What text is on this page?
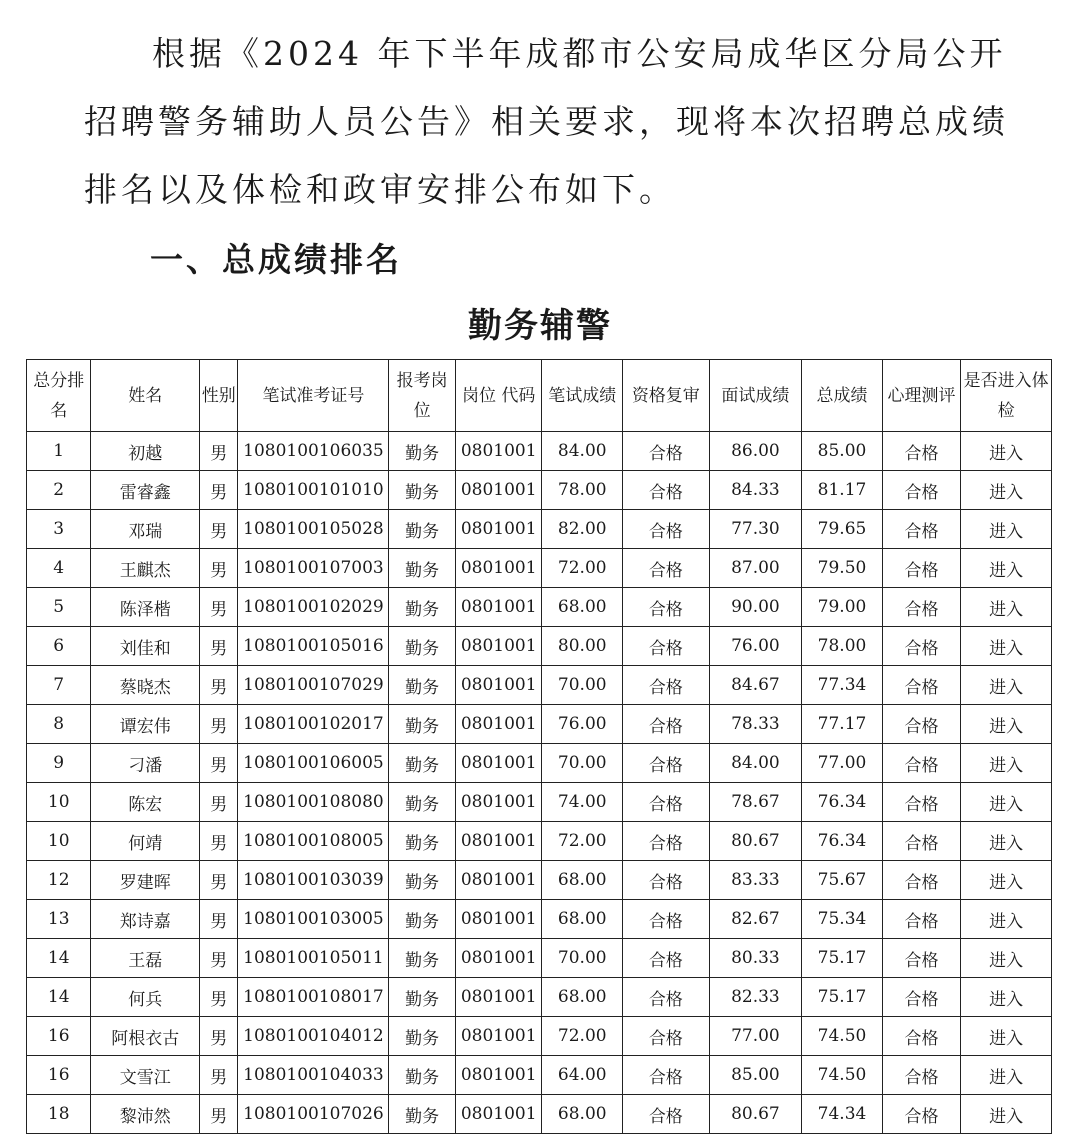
根据《2024 年下半年成都市公安局成华区分局公开招聘警务辅助人员公告》相关要求，现将本次招聘总成绩排名以及体检和政审安排公布如下。

一、总成绩排名
勤务辅警
总分排名	姓名	性别	笔试准考证号	报考岗位	岗位 代码	笔试成绩	资格复审	面试成绩	总成绩	心理测评	是否进入体检
1	初越	男	1080100106035	勤务	0801001	84.00	合格	86.00	85.00	合格	进入
2	雷睿鑫	男	1080100101010	勤务	0801001	78.00	合格	84.33	81.17	合格	进入
3	邓瑞	男	1080100105028	勤务	0801001	82.00	合格	77.30	79.65	合格	进入
4	王麒杰	男	1080100107003	勤务	0801001	72.00	合格	87.00	79.50	合格	进入
5	陈泽楷	男	1080100102029	勤务	0801001	68.00	合格	90.00	79.00	合格	进入
6	刘佳和	男	1080100105016	勤务	0801001	80.00	合格	76.00	78.00	合格	进入
7	蔡晓杰	男	1080100107029	勤务	0801001	70.00	合格	84.67	77.34	合格	进入
8	谭宏伟	男	1080100102017	勤务	0801001	76.00	合格	78.33	77.17	合格	进入
9	刁潘	男	1080100106005	勤务	0801001	70.00	合格	84.00	77.00	合格	进入
10	陈宏	男	1080100108080	勤务	0801001	74.00	合格	78.67	76.34	合格	进入
10	何靖	男	1080100108005	勤务	0801001	72.00	合格	80.67	76.34	合格	进入
12	罗建晖	男	1080100103039	勤务	0801001	68.00	合格	83.33	75.67	合格	进入
13	郑诗嘉	男	1080100103005	勤务	0801001	68.00	合格	82.67	75.34	合格	进入
14	王磊	男	1080100105011	勤务	0801001	70.00	合格	80.33	75.17	合格	进入
14	何兵	男	1080100108017	勤务	0801001	68.00	合格	82.33	75.17	合格	进入
16	阿根衣古	男	1080100104012	勤务	0801001	72.00	合格	77.00	74.50	合格	进入
16	文雪江	男	1080100104033	勤务	0801001	64.00	合格	85.00	74.50	合格	进入
18	黎沛然	男	1080100107026	勤务	0801001	68.00	合格	80.67	74.34	合格	进入
